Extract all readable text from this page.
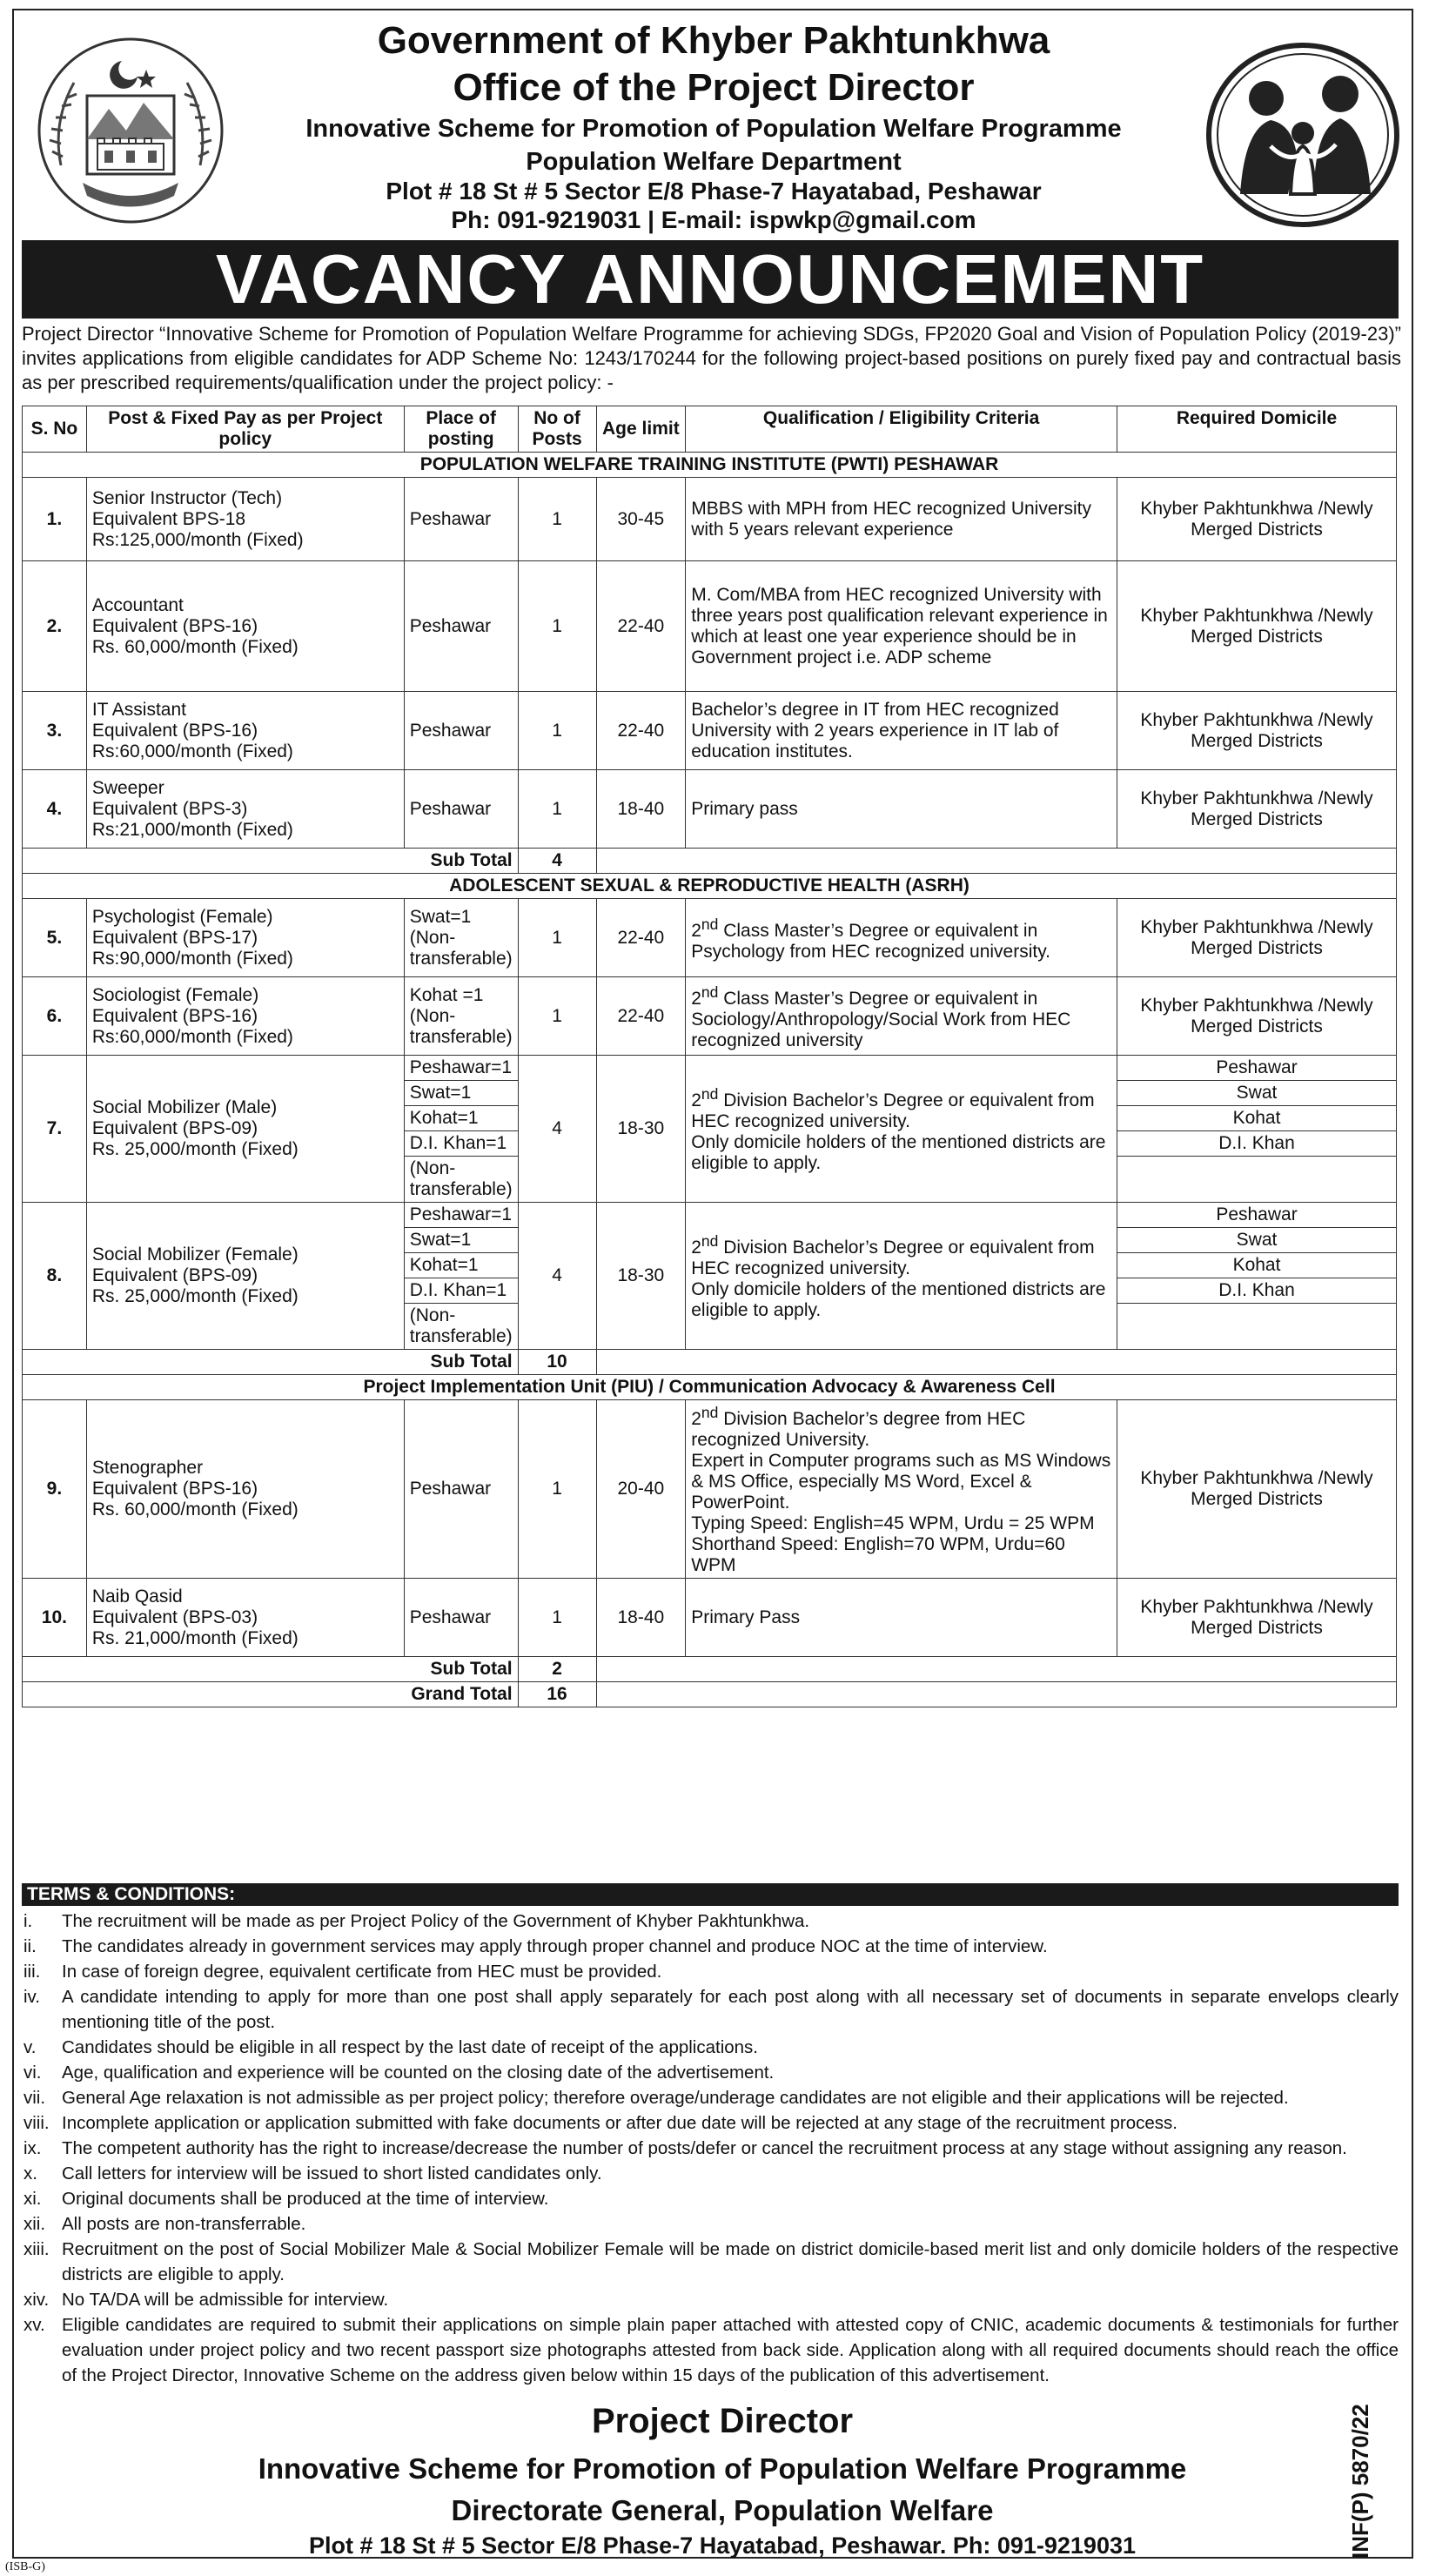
Government of Khyber Pakhtunkhwa
Office of the Project Director
Innovative Scheme for Promotion of Population Welfare Programme
Population Welfare Department
Plot # 18 St # 5 Sector E/8 Phase-7 Hayatabad, Peshawar
Ph: 091-9219031 | E-mail: ispwkp@gmail.com
VACANCY ANNOUNCEMENT
Project Director “Innovative Scheme for Promotion of Population Welfare Programme for achieving SDGs, FP2020 Goal and Vision of Population Policy (2019-23)” invites applications from eligible candidates for ADP Scheme No: 1243/170244 for the following project-based positions on purely fixed pay and contractual basis as per prescribed requirements/qualification under the project policy: -
S. No	Post & Fixed Pay as per Project policy	Place of posting	No of Posts	Age limit	Qualification / Eligibility Criteria	Required Domicile
POPULATION WELFARE TRAINING INSTITUTE (PWTI) PESHAWAR
1.	
Senior Instructor (Tech)
Equivalent BPS-18
Rs:125,000/month (Fixed)
	Peshawar	1	30-45	MBBS with MPH from HEC recognized University with 5 years relevant experience	Khyber Pakhtunkhwa /Newly Merged Districts
2.	
Accountant
Equivalent (BPS-16)
Rs. 60,000/month (Fixed)
	Peshawar	1	22-40	M. Com/MBA from HEC recognized University with three years post qualification relevant experience in which at least one year experience should be in Government project i.e. ADP scheme	Khyber Pakhtunkhwa /Newly Merged Districts
3.	
IT Assistant
Equivalent (BPS-16)
Rs:60,000/month (Fixed)
	Peshawar	1	22-40	Bachelor’s degree in IT from HEC recognized University with 2 years experience in IT lab of education institutes.	Khyber Pakhtunkhwa /Newly Merged Districts
4.	
Sweeper
Equivalent (BPS-3)
Rs:21,000/month (Fixed)
	Peshawar	1	18-40	Primary pass	Khyber Pakhtunkhwa /Newly Merged Districts
Sub Total	4	
ADOLESCENT SEXUAL & REPRODUCTIVE HEALTH (ASRH)
5.	
Psychologist (Female)
Equivalent (BPS-17)
Rs:90,000/month (Fixed)
	Swat=1 (Non-transferable)	1	22-40	2nd Class Master’s Degree or equivalent in Psychology from HEC recognized university.	Khyber Pakhtunkhwa /Newly Merged Districts
6.	
Sociologist (Female)
Equivalent (BPS-16)
Rs:60,000/month (Fixed)
	Kohat =1 (Non-transferable)	1	22-40	2nd Class Master’s Degree or equivalent in Sociology/Anthropology/Social Work from HEC recognized university	Khyber Pakhtunkhwa /Newly Merged Districts
7.	
Social Mobilizer (Male)
Equivalent (BPS-09)
Rs. 25,000/month (Fixed)

Peshawar=1
Swat=1
Kohat=1
D.I. Khan=1
(Non-transferable)
	4	18-30	2nd Division Bachelor’s Degree or equivalent from HEC recognized university.
Only domicile holders of the mentioned districts are eligible to apply.	
Peshawar
Swat
Kohat
D.I. Khan

8.	
Social Mobilizer (Female)
Equivalent (BPS-09)
Rs. 25,000/month (Fixed)

Peshawar=1
Swat=1
Kohat=1
D.I. Khan=1
(Non-transferable)
	4	18-30	2nd Division Bachelor’s Degree or equivalent from HEC recognized university.
Only domicile holders of the mentioned districts are eligible to apply.	
Peshawar
Swat
Kohat
D.I. Khan

Sub Total	10	
Project Implementation Unit (PIU) / Communication Advocacy & Awareness Cell
9.	
Stenographer
Equivalent (BPS-16)
Rs. 60,000/month (Fixed)
	Peshawar	1	20-40	2nd Division Bachelor’s degree from HEC recognized University.
Expert in Computer programs such as MS Windows & MS Office, especially MS Word, Excel & PowerPoint.
Typing Speed: English=45 WPM, Urdu = 25 WPM
Shorthand Speed: English=70 WPM, Urdu=60 WPM	Khyber Pakhtunkhwa /Newly Merged Districts
10.	
Naib Qasid
Equivalent (BPS-03)
Rs. 21,000/month (Fixed)
	Peshawar	1	18-40	Primary Pass	Khyber Pakhtunkhwa /Newly Merged Districts
Sub Total	2	
Grand Total	16	
TERMS & CONDITIONS:
i.	The recruitment will be made as per Project Policy of the Government of Khyber Pakhtunkhwa.
ii.	The candidates already in government services may apply through proper channel and produce NOC at the time of interview.
iii.	In case of foreign degree, equivalent certificate from HEC must be provided.
iv.	A candidate intending to apply for more than one post shall apply separately for each post along with all necessary set of documents in separate envelops clearly mentioning title of the post.
v.	Candidates should be eligible in all respect by the last date of receipt of the applications.
vi.	Age, qualification and experience will be counted on the closing date of the advertisement.
vii. General Age relaxation is not admissible as per project policy; therefore overage/underage candidates are not eligible and their applications will be rejected.
viii. Incomplete application or application submitted with fake documents or after due date will be rejected at any stage of the recruitment process.
ix.	The competent authority has the right to increase/decrease the number of posts/defer or cancel the recruitment process at any stage without assigning any reason.
x.	Call letters for interview will be issued to short listed candidates only.
xi.	Original documents shall be produced at the time of interview.
xii. All posts are non-transferrable.
xiii. Recruitment on the post of Social Mobilizer Male & Social Mobilizer Female will be made on district domicile-based merit list and only domicile holders of the respective districts are eligible to apply.
xiv. No TA/DA will be admissible for interview.
xv. Eligible candidates are required to submit their applications on simple plain paper attached with attested copy of CNIC, academic documents & testimonials for further evaluation under project policy and two recent passport size photographs attested from back side. Application along with all required documents should reach the office of the Project Director, Innovative Scheme on the address given below within 15 days of the publication of this advertisement.
Project Director
Innovative Scheme for Promotion of Population Welfare Programme
Directorate General, Population Welfare
Plot # 18 St # 5 Sector E/8 Phase-7 Hayatabad, Peshawar. Ph: 091-9219031	INF(P) 5870/22
(ISB-G)
